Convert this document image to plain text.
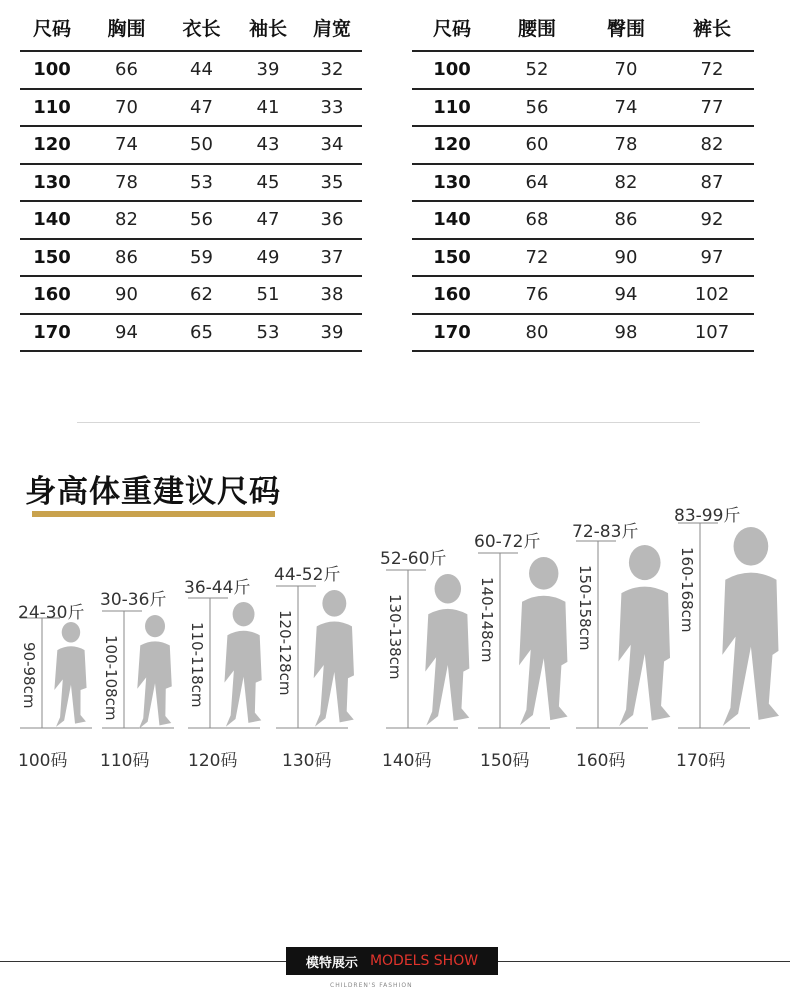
尺码	胸围	衣长	袖长	肩宽
100	66	44	39	32
110	70	47	41	33
120	74	50	43	34
130	78	53	45	35
140	82	56	47	36
150	86	59	49	37
160	90	62	51	38
170	94	65	53	39
尺码	腰围	臀围	裤长
100	52	70	72
110	56	74	77
120	60	78	82
130	64	82	87
140	68	86	92
150	72	90	97
160	76	94	102
170	80	98	107
身高体重建议尺码
24-30斤
90-98cm
100码
30-36斤
100-108cm
110码
36-44斤
110-118cm
120码
44-52斤
120-128cm
130码
52-60斤
130-138cm
140码
60-72斤
140-148cm
150码
72-83斤
150-158cm
160码
83-99斤
160-168cm
170码
模特展示 MODELS SHOW
CHILDREN'S FASHION
